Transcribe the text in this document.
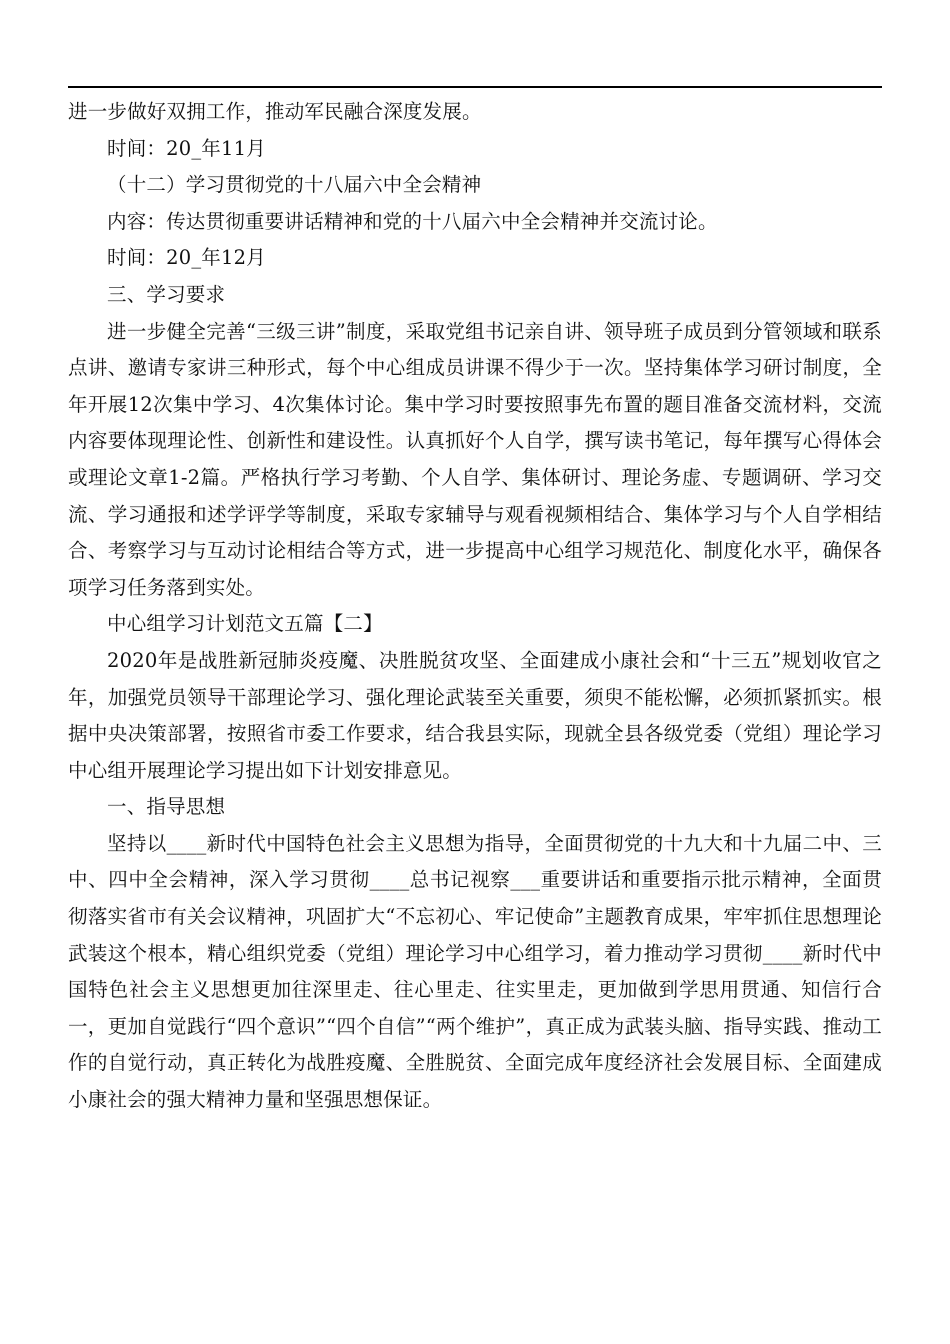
进一步做好双拥工作，推动军民融合深度发展。

时间：20_年11月

（十二）学习贯彻党的十八届六中全会精神

内容：传达贯彻重要讲话精神和党的十八届六中全会精神并交流讨论。

时间：20_年12月

三、学习要求

进一步健全完善“三级三讲”制度，采取党组书记亲自讲、领导班子成员到分管领域和联系点讲、邀请专家讲三种形式，每个中心组成员讲课不得少于一次。坚持集体学习研讨制度，全年开展12次集中学习、4次集体讨论。集中学习时要按照事先布置的题目准备交流材料，交流内容要体现理论性、创新性和建设性。认真抓好个人自学，撰写读书笔记，每年撰写心得体会或理论文章1-2篇。严格执行学习考勤、个人自学、集体研讨、理论务虚、专题调研、学习交流、学习通报和述学评学等制度，采取专家辅导与观看视频相结合、集体学习与个人自学相结合、考察学习与互动讨论相结合等方式，进一步提高中心组学习规范化、制度化水平，确保各项学习任务落到实处。

中心组学习计划范文五篇【二】

2020年是战胜新冠肺炎疫魔、决胜脱贫攻坚、全面建成小康社会和“十三五”规划收官之年，加强党员领导干部理论学习、强化理论武装至关重要，须臾不能松懈，必须抓紧抓实。根据中央决策部署，按照省市委工作要求，结合我县实际，现就全县各级党委（党组）理论学习中心组开展理论学习提出如下计划安排意见。

一、指导思想

坚持以____新时代中国特色社会主义思想为指导，全面贯彻党的十九大和十九届二中、三中、四中全会精神，深入学习贯彻____总书记视察___重要讲话和重要指示批示精神，全面贯彻落实省市有关会议精神，巩固扩大“不忘初心、牢记使命”主题教育成果，牢牢抓住思想理论武装这个根本，精心组织党委（党组）理论学习中心组学习，着力推动学习贯彻____新时代中国特色社会主义思想更加往深里走、往心里走、往实里走，更加做到学思用贯通、知信行合一，更加自觉践行“四个意识”“四个自信”“两个维护”，真正成为武装头脑、指导实践、推动工作的自觉行动，真正转化为战胜疫魔、全胜脱贫、全面完成年度经济社会发展目标、全面建成小康社会的强大精神力量和坚强思想保证。
